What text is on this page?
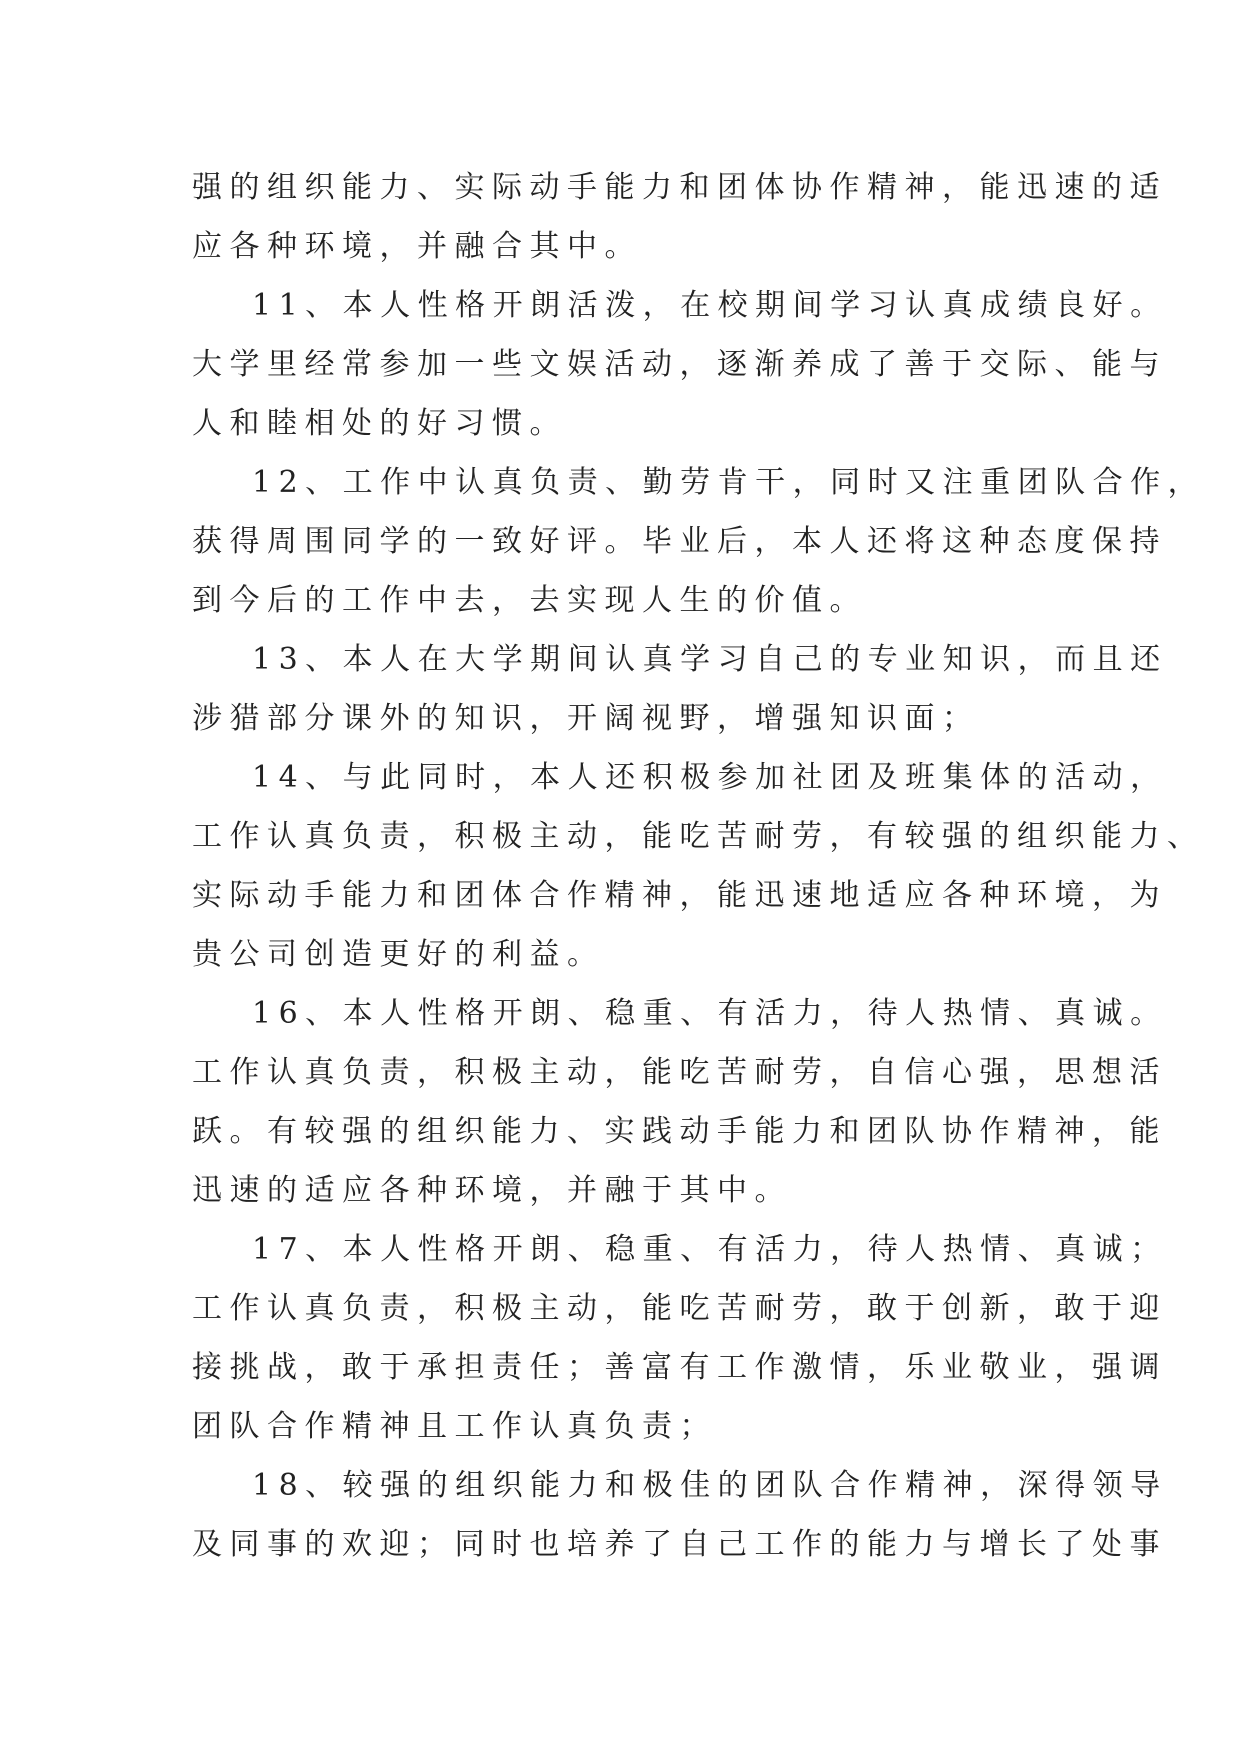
强的组织能力、实际动手能力和团体协作精神，能迅速的适
应各种环境，并融合其中。
11、本人性格开朗活泼，在校期间学习认真成绩良好。
大学里经常参加一些文娱活动，逐渐养成了善于交际、能与
人和睦相处的好习惯。
12、工作中认真负责、勤劳肯干，同时又注重团队合作，
获得周围同学的一致好评。毕业后，本人还将这种态度保持
到今后的工作中去，去实现人生的价值。
13、本人在大学期间认真学习自己的专业知识，而且还
涉猎部分课外的知识，开阔视野，增强知识面；
14、与此同时，本人还积极参加社团及班集体的活动，
工作认真负责，积极主动，能吃苦耐劳，有较强的组织能力、
实际动手能力和团体合作精神，能迅速地适应各种环境，为
贵公司创造更好的利益。
16、本人性格开朗、稳重、有活力，待人热情、真诚。
工作认真负责，积极主动，能吃苦耐劳，自信心强，思想活
跃。有较强的组织能力、实践动手能力和团队协作精神，能
迅速的适应各种环境，并融于其中。
17、本人性格开朗、稳重、有活力，待人热情、真诚；
工作认真负责，积极主动，能吃苦耐劳，敢于创新，敢于迎
接挑战，敢于承担责任；善富有工作激情，乐业敬业，强调
团队合作精神且工作认真负责；
18、较强的组织能力和极佳的团队合作精神，深得领导
及同事的欢迎；同时也培养了自己工作的能力与增长了处事
